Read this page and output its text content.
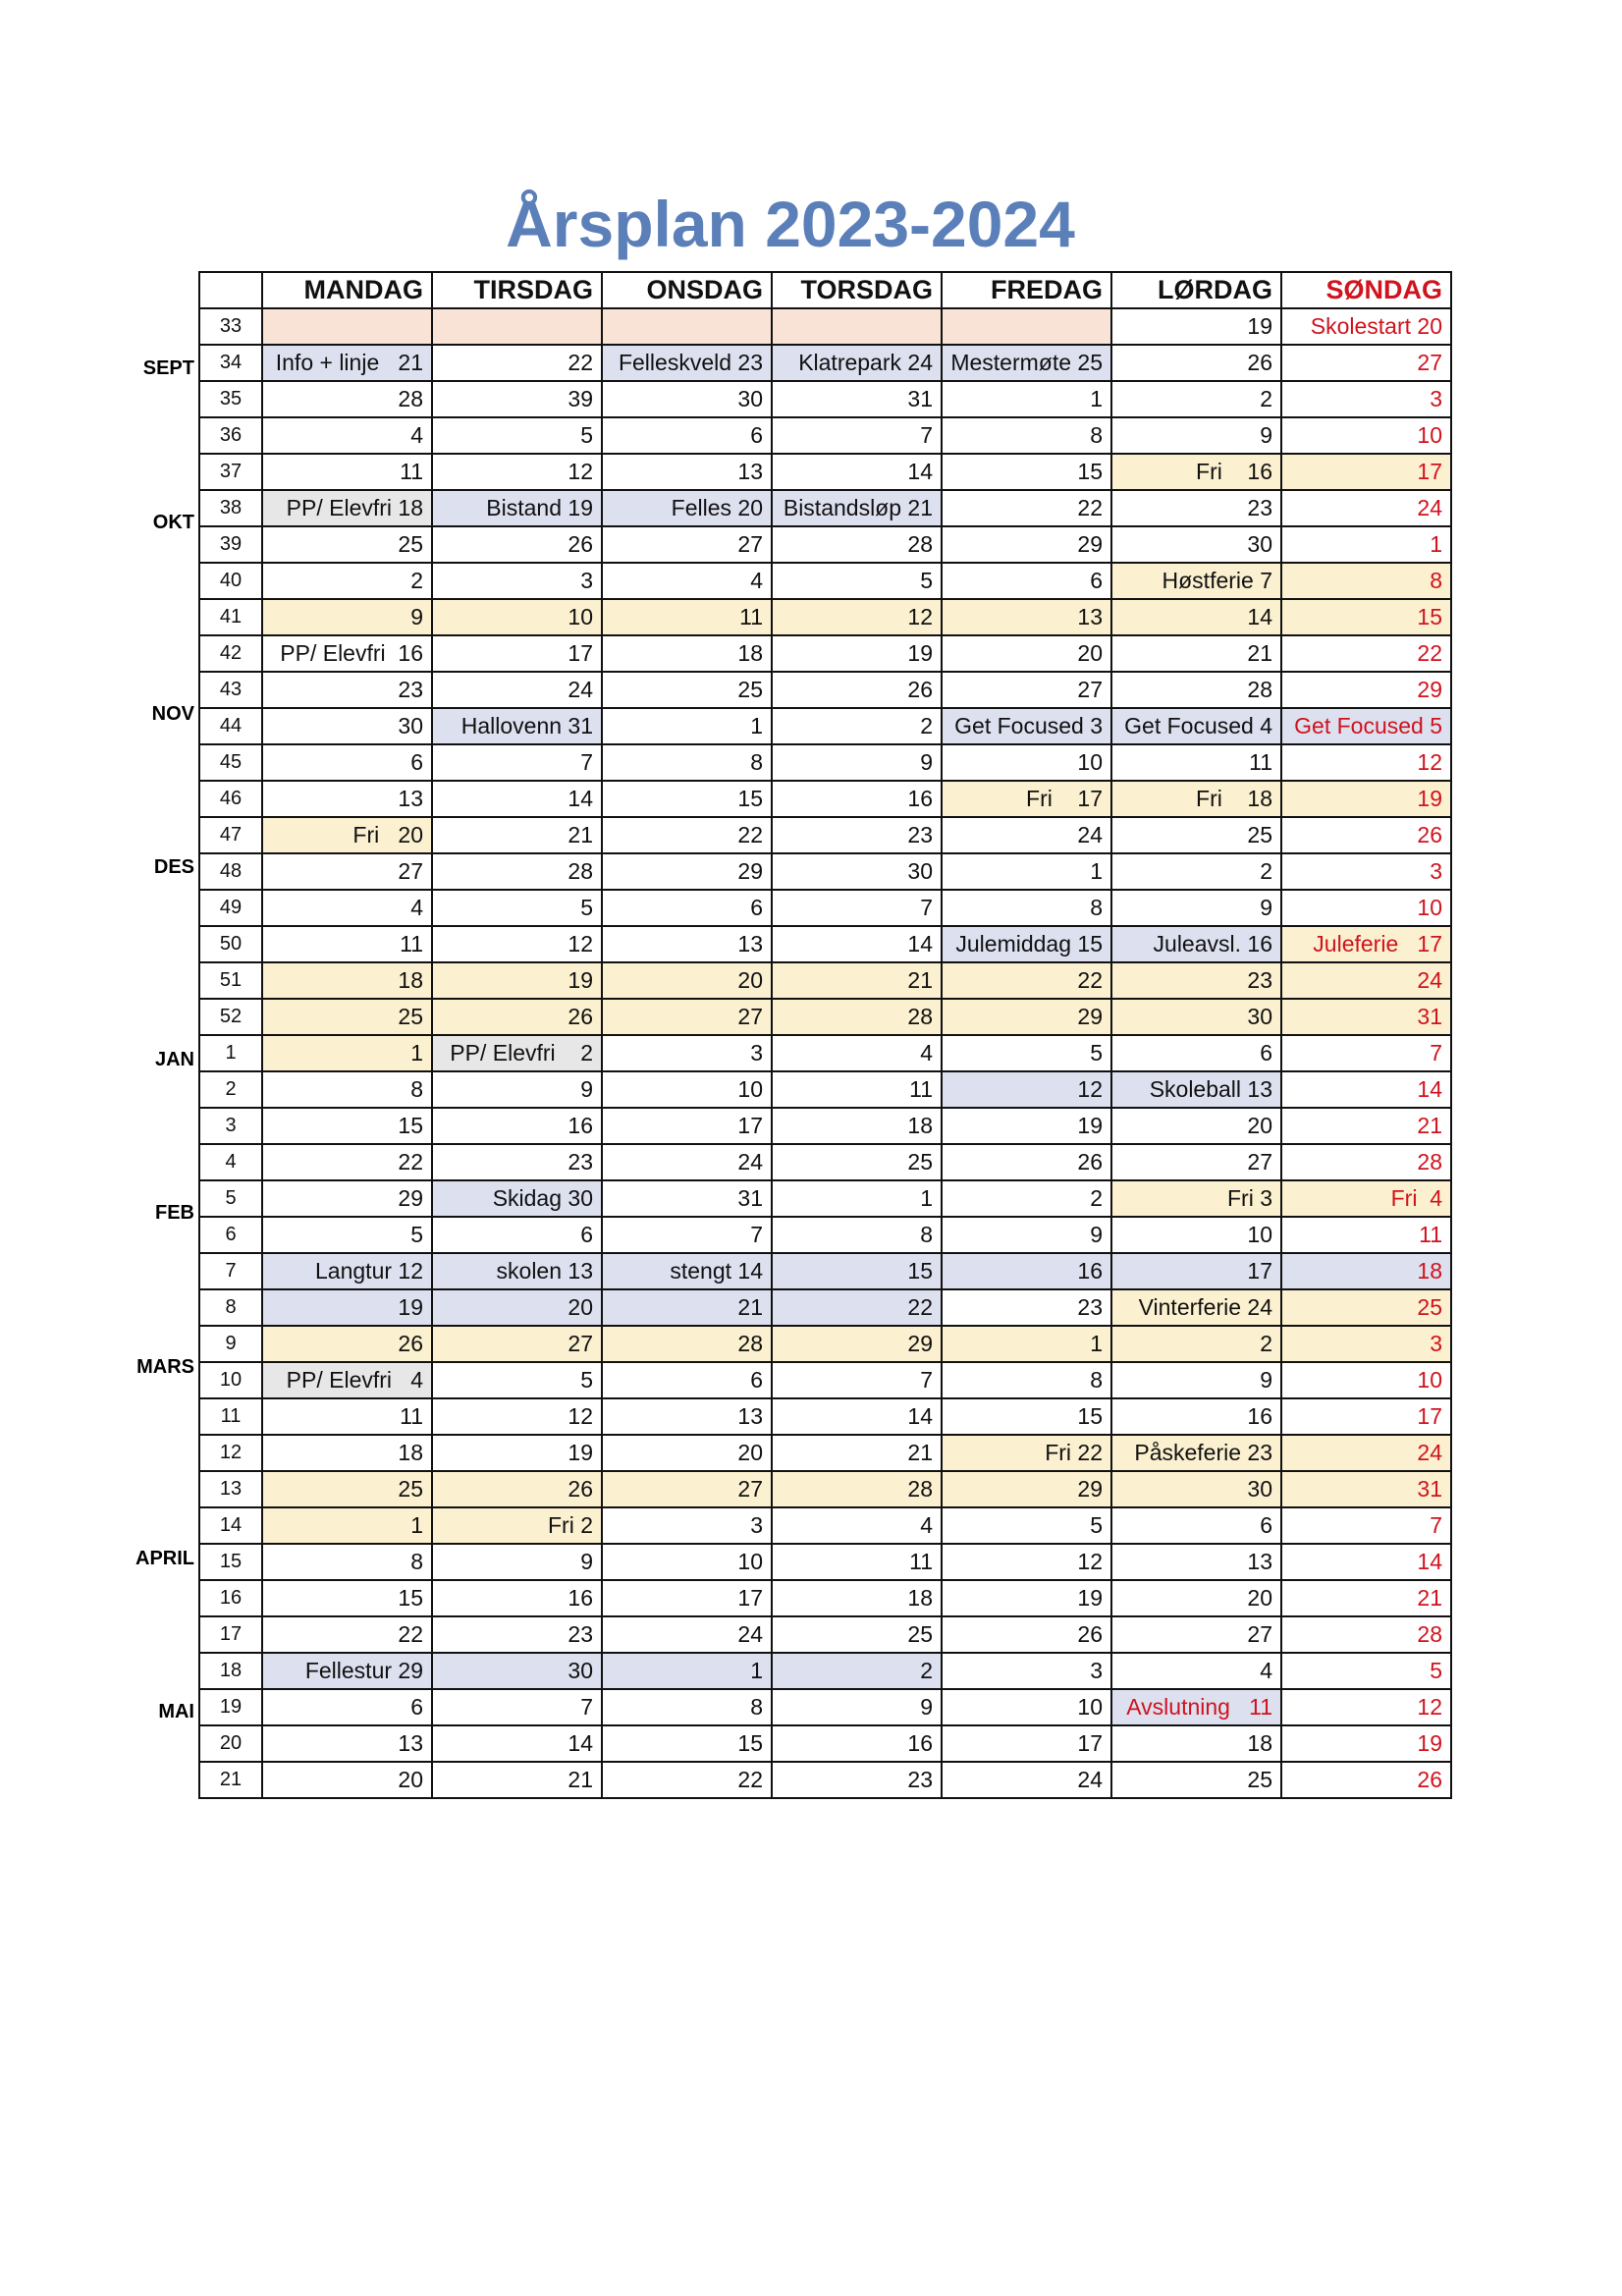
Årsplan 2023-2024
SEPT
OKT
NOV
DES
JAN
FEB
MARS
APRIL
MAI
	MANDAG	TIRSDAG	ONSDAG	TORSDAG	FREDAG	LØRDAG	SØNDAG
33						19	Skolestart 20
34	Info + linje   21	22	Felleskveld 23	Klatrepark 24	Mestermøte 25	26	27
35	28	39	30	31	1	2	3
36	4	5	6	7	8	9	10
37	11	12	13	14	15	Fri    16	17
38	PP/ Elevfri 18	Bistand 19	Felles 20	Bistandsløp 21	22	23	24
39	25	26	27	28	29	30	1
40	2	3	4	5	6	Høstferie 7	8
41	9	10	11	12	13	14	15
42	PP/ Elevfri  16	17	18	19	20	21	22
43	23	24	25	26	27	28	29
44	30	Hallovenn 31	1	2	Get Focused 3	Get Focused 4	Get Focused 5
45	6	7	8	9	10	11	12
46	13	14	15	16	Fri    17	Fri    18	19
47	Fri   20	21	22	23	24	25	26
48	27	28	29	30	1	2	3
49	4	5	6	7	8	9	10
50	11	12	13	14	Julemiddag 15	Juleavsl. 16	Juleferie   17
51	18	19	20	21	22	23	24
52	25	26	27	28	29	30	31
1	1	PP/ Elevfri    2	3	4	5	6	7
2	8	9	10	11	12	Skoleball 13	14
3	15	16	17	18	19	20	21
4	22	23	24	25	26	27	28
5	29	Skidag 30	31	1	2	Fri 3	Fri  4
6	5	6	7	8	9	10	11
7	Langtur 12	skolen 13	stengt 14	15	16	17	18
8	19	20	21	22	23	Vinterferie 24	25
9	26	27	28	29	1	2	3
10	PP/ Elevfri   4	5	6	7	8	9	10
11	11	12	13	14	15	16	17
12	18	19	20	21	Fri 22	Påskeferie 23	24
13	25	26	27	28	29	30	31
14	1	Fri 2	3	4	5	6	7
15	8	9	10	11	12	13	14
16	15	16	17	18	19	20	21
17	22	23	24	25	26	27	28
18	Fellestur 29	30	1	2	3	4	5
19	6	7	8	9	10	Avslutning   11	12
20	13	14	15	16	17	18	19
21	20	21	22	23	24	25	26
